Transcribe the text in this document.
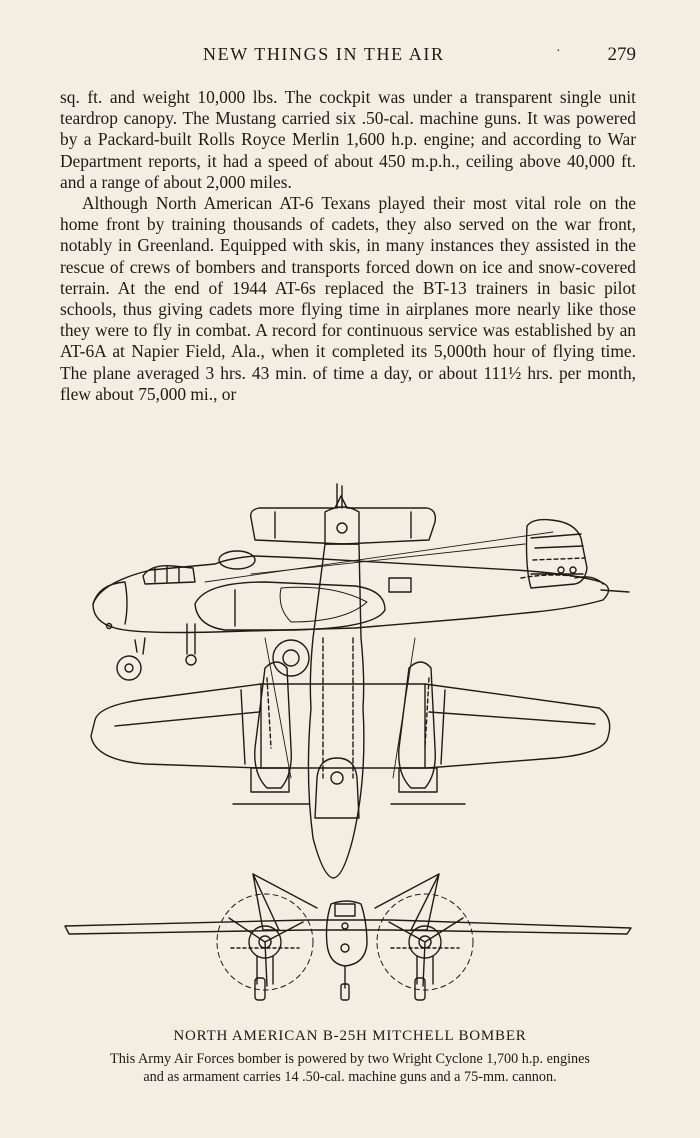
NEW THINGS IN THE AIR	· 279

sq. ft. and weight 10,000 lbs. The cockpit was under a transparent single unit teardrop canopy. The Mustang carried six .50-cal. machine guns. It was powered by a Packard-built Rolls Royce Merlin 1,600 h.p. engine; and according to War Department reports, it had a speed of about 450 m.p.h., ceiling above 40,000 ft. and a range of about 2,000 miles.

Although North American AT-6 Texans played their most vital role on the home front by training thousands of cadets, they also served on the war front, notably in Greenland. Equipped with skis, in many instances they assisted in the rescue of crews of bombers and transports forced down on ice and snow-covered terrain. At the end of 1944 AT-6s replaced the BT-13 trainers in basic pilot schools, thus giving cadets more flying time in airplanes more nearly like those they were to fly in combat. A record for continuous service was established by an AT-6A at Napier Field, Ala., when it completed its 5,000th hour of flying time. The plane averaged 3 hrs. 43 min. of time a day, or about 111½ hrs. per month, flew about 75,000 mi., or

NORTH AMERICAN B-25H MITCHELL BOMBER
This Army Air Forces bomber is powered by two Wright Cyclone 1,700 h.p. engines
and as armament carries 14 .50-cal. machine guns and a 75-mm. cannon.
